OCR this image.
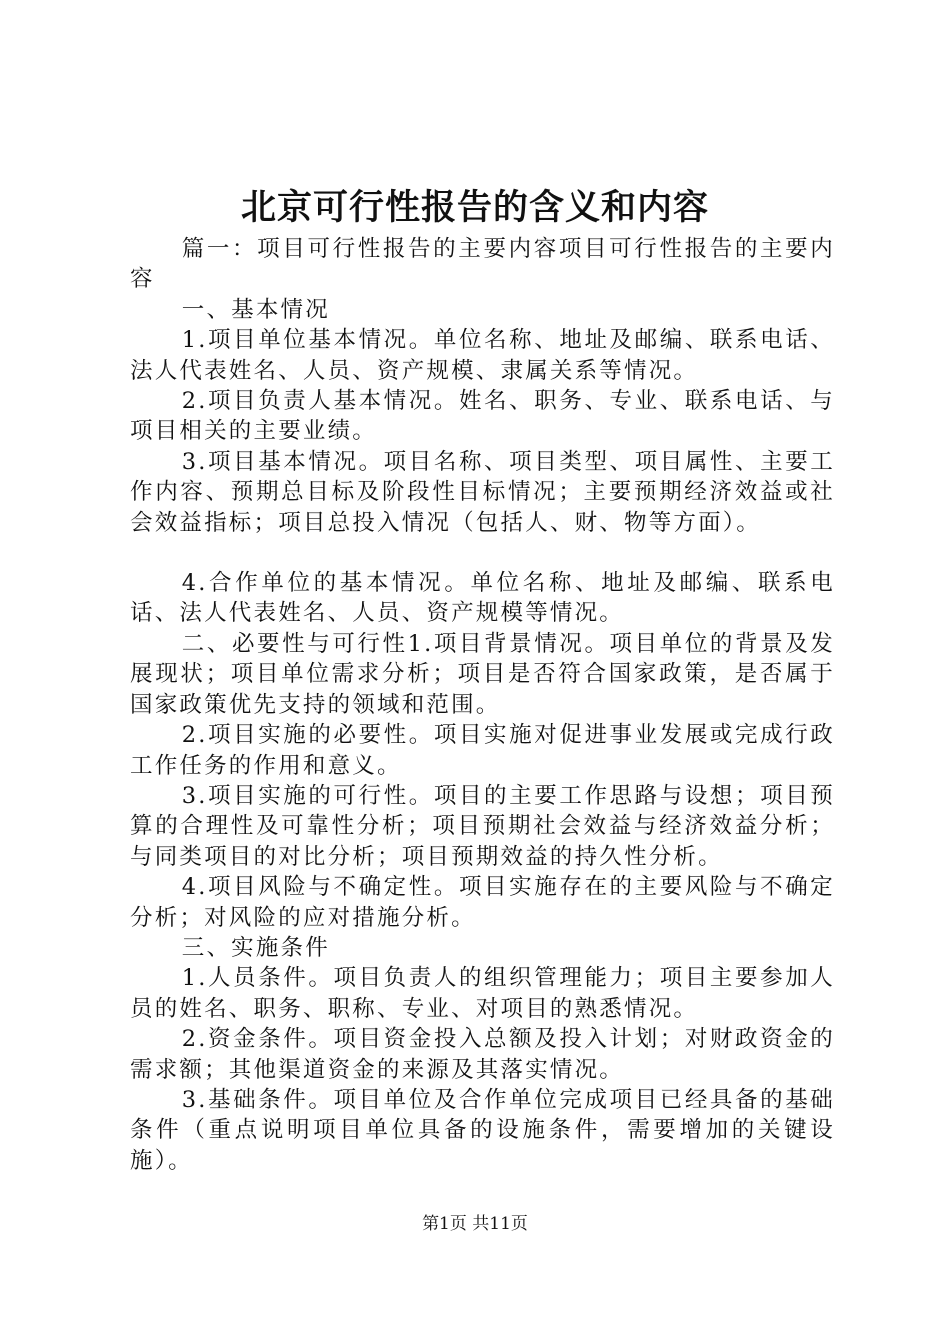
北京可行性报告的含义和内容

篇一：项目可行性报告的主要内容项目可行性报告的主要内容

一、基本情况

1.项目单位基本情况。单位名称、地址及邮编、联系电话、法人代表姓名、人员、资产规模、隶属关系等情况。

2.项目负责人基本情况。姓名、职务、专业、联系电话、与项目相关的主要业绩。

3.项目基本情况。项目名称、项目类型、项目属性、主要工作内容、预期总目标及阶段性目标情况；主要预期经济效益或社会效益指标；项目总投入情况（包括人、财、物等方面）。

4.合作单位的基本情况。单位名称、地址及邮编、联系电话、法人代表姓名、人员、资产规模等情况。

二、必要性与可行性1.项目背景情况。项目单位的背景及发展现状；项目单位需求分析；项目是否符合国家政策，是否属于国家政策优先支持的领域和范围。

2.项目实施的必要性。项目实施对促进事业发展或完成行政工作任务的作用和意义。

3.项目实施的可行性。项目的主要工作思路与设想；项目预算的合理性及可靠性分析；项目预期社会效益与经济效益分析；与同类项目的对比分析；项目预期效益的持久性分析。

4.项目风险与不确定性。项目实施存在的主要风险与不确定分析；对风险的应对措施分析。

三、实施条件

1.人员条件。项目负责人的组织管理能力；项目主要参加人员的姓名、职务、职称、专业、对项目的熟悉情况。

2.资金条件。项目资金投入总额及投入计划；对财政资金的需求额；其他渠道资金的来源及其落实情况。

3.基础条件。项目单位及合作单位完成项目已经具备的基础条件（重点说明项目单位具备的设施条件，需要增加的关键设施）。

第1页 共11页
